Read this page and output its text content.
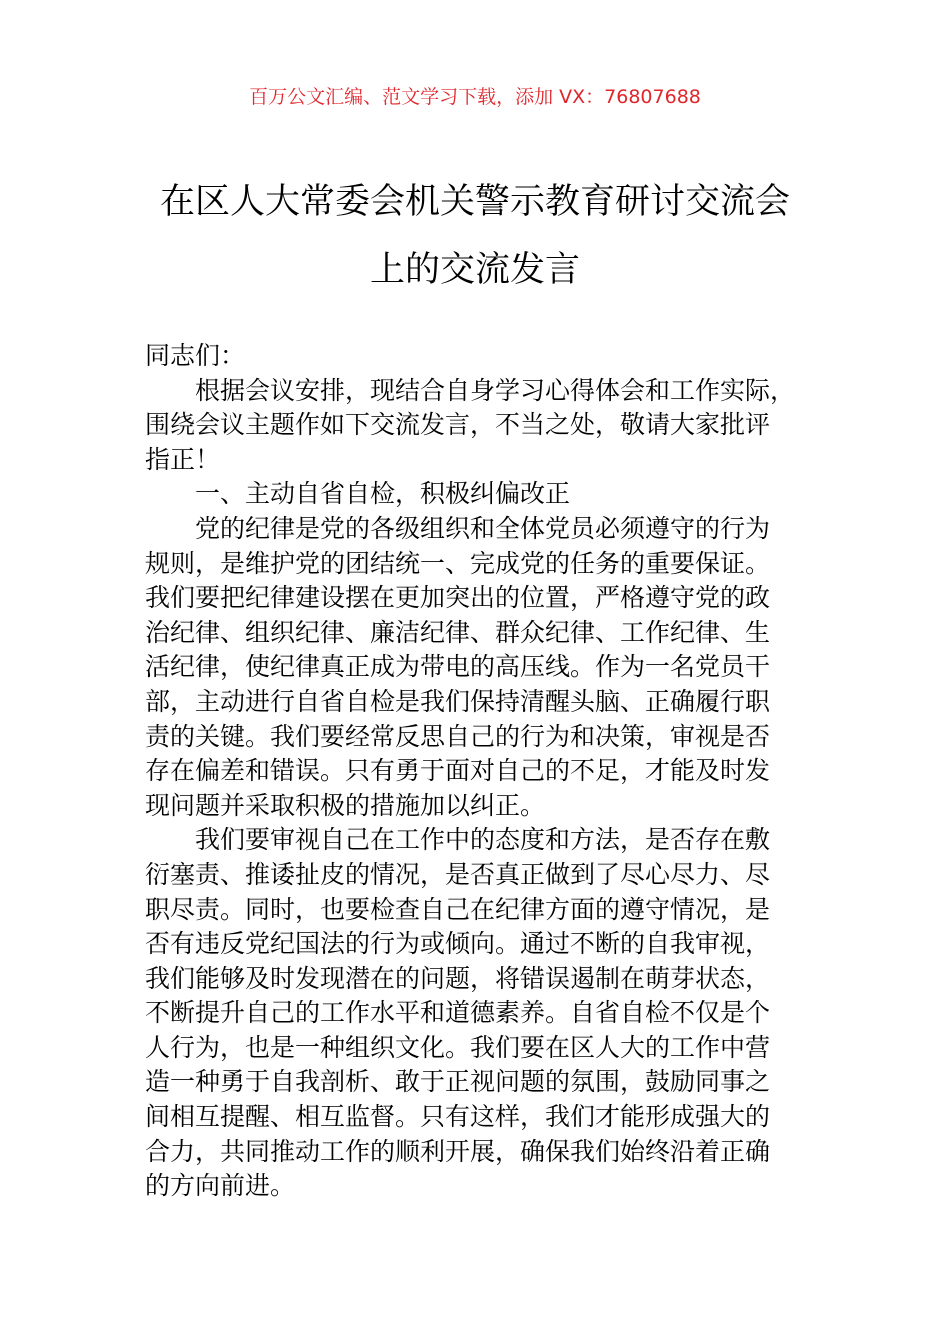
百万公文汇编、范文学习下载，添加 VX：76807688
在区人大常委会机关警示教育研讨交流会
上的交流发言
同志们：
根据会议安排，现结合自身学习心得体会和工作实际，
围绕会议主题作如下交流发言，不当之处，敬请大家批评
指正！
一、主动自省自检，积极纠偏改正
党的纪律是党的各级组织和全体党员必须遵守的行为
规则，是维护党的团结统一、完成党的任务的重要保证。
我们要把纪律建设摆在更加突出的位置，严格遵守党的政
治纪律、组织纪律、廉洁纪律、群众纪律、工作纪律、生
活纪律，使纪律真正成为带电的高压线。作为一名党员干
部，主动进行自省自检是我们保持清醒头脑、正确履行职
责的关键。我们要经常反思自己的行为和决策，审视是否
存在偏差和错误。只有勇于面对自己的不足，才能及时发
现问题并采取积极的措施加以纠正。
我们要审视自己在工作中的态度和方法，是否存在敷
衍塞责、推诿扯皮的情况，是否真正做到了尽心尽力、尽
职尽责。同时，也要检查自己在纪律方面的遵守情况，是
否有违反党纪国法的行为或倾向。通过不断的自我审视，
我们能够及时发现潜在的问题，将错误遏制在萌芽状态，
不断提升自己的工作水平和道德素养。自省自检不仅是个
人行为，也是一种组织文化。我们要在区人大的工作中营
造一种勇于自我剖析、敢于正视问题的氛围，鼓励同事之
间相互提醒、相互监督。只有这样，我们才能形成强大的
合力，共同推动工作的顺利开展，确保我们始终沿着正确
的方向前进。
